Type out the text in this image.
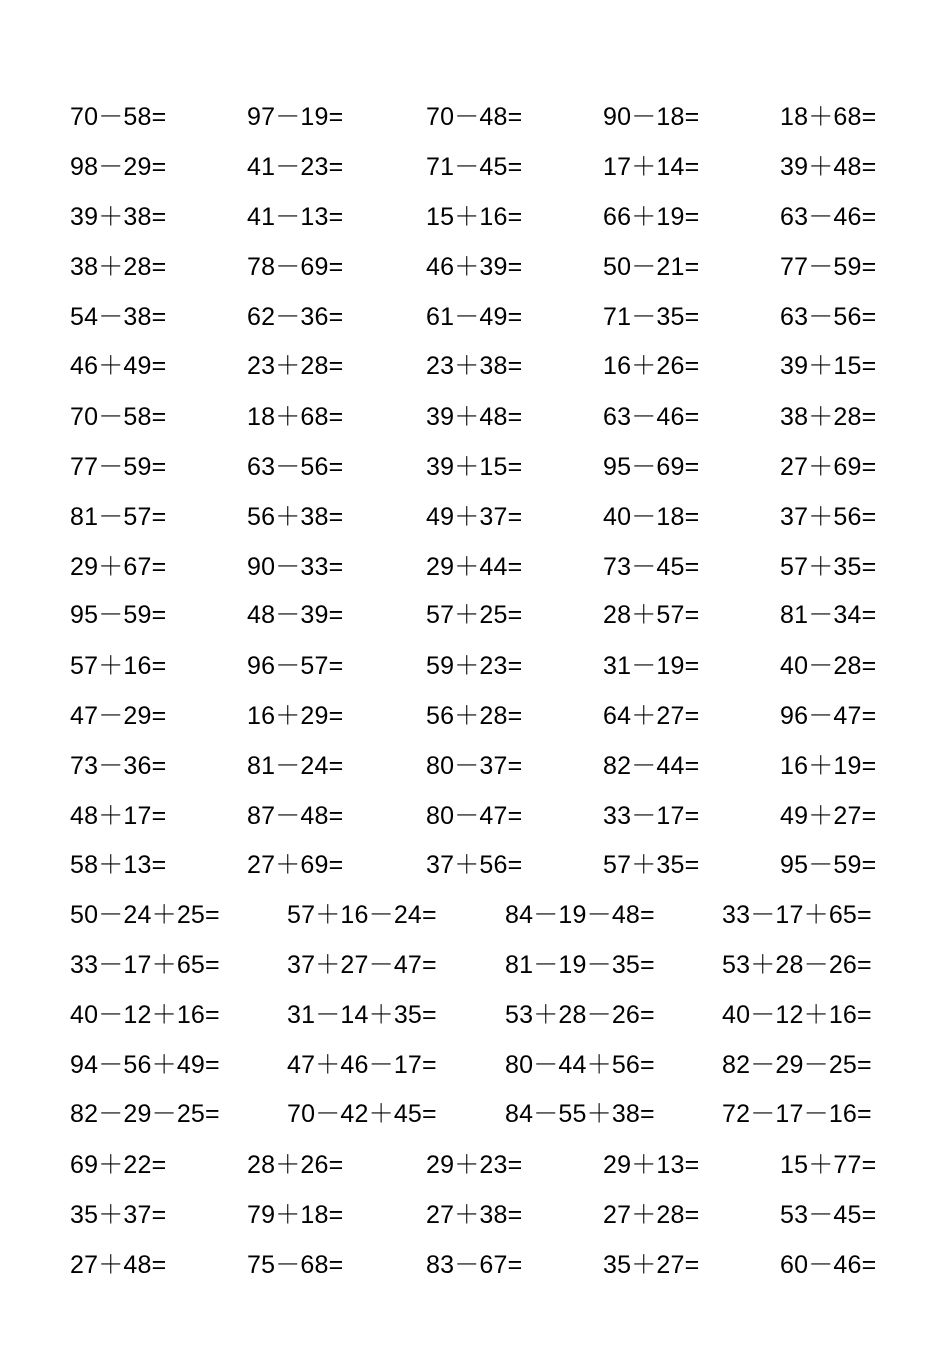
70－58=	97－19=	70－48=	90－18=	18＋68=
98－29=	41－23=	71－45=	17＋14=	39＋48=
39＋38=	41－13=	15＋16=	66＋19=	63－46=
38＋28=	78－69=	46＋39=	50－21=	77－59=
54－38=	62－36=	61－49=	71－35=	63－56=
46＋49=	23＋28=	23＋38=	16＋26=	39＋15=
70－58=	18＋68=	39＋48=	63－46=	38＋28=
77－59=	63－56=	39＋15=	95－69=	27＋69=
81－57=	56＋38=	49＋37=	40－18=	37＋56=
29＋67=	90－33=	29＋44=	73－45=	57＋35=
95－59=	48－39=	57＋25=	28＋57=	81－34=
57＋16=	96－57=	59＋23=	31－19=	40－28=
47－29=	16＋29=	56＋28=	64＋27=	96－47=
73－36=	81－24=	80－37=	82－44=	16＋19=
48＋17=	87－48=	80－47=	33－17=	49＋27=
58＋13=	27＋69=	37＋56=	57＋35=	95－59=
50－24＋25=	57＋16－24=	84－19－48=	33－17＋65=
33－17＋65=	37＋27－47=	81－19－35=	53＋28－26=
40－12＋16=	31－14＋35=	53＋28－26=	40－12＋16=
94－56＋49=	47＋46－17=	80－44＋56=	82－29－25=
82－29－25=	70－42＋45=	84－55＋38=	72－17－16=
69＋22=	28＋26=	29＋23=	29＋13=	15＋77=
35＋37=	79＋18=	27＋38=	27＋28=	53－45=
27＋48=	75－68=	83－67=	35＋27=	60－46=
